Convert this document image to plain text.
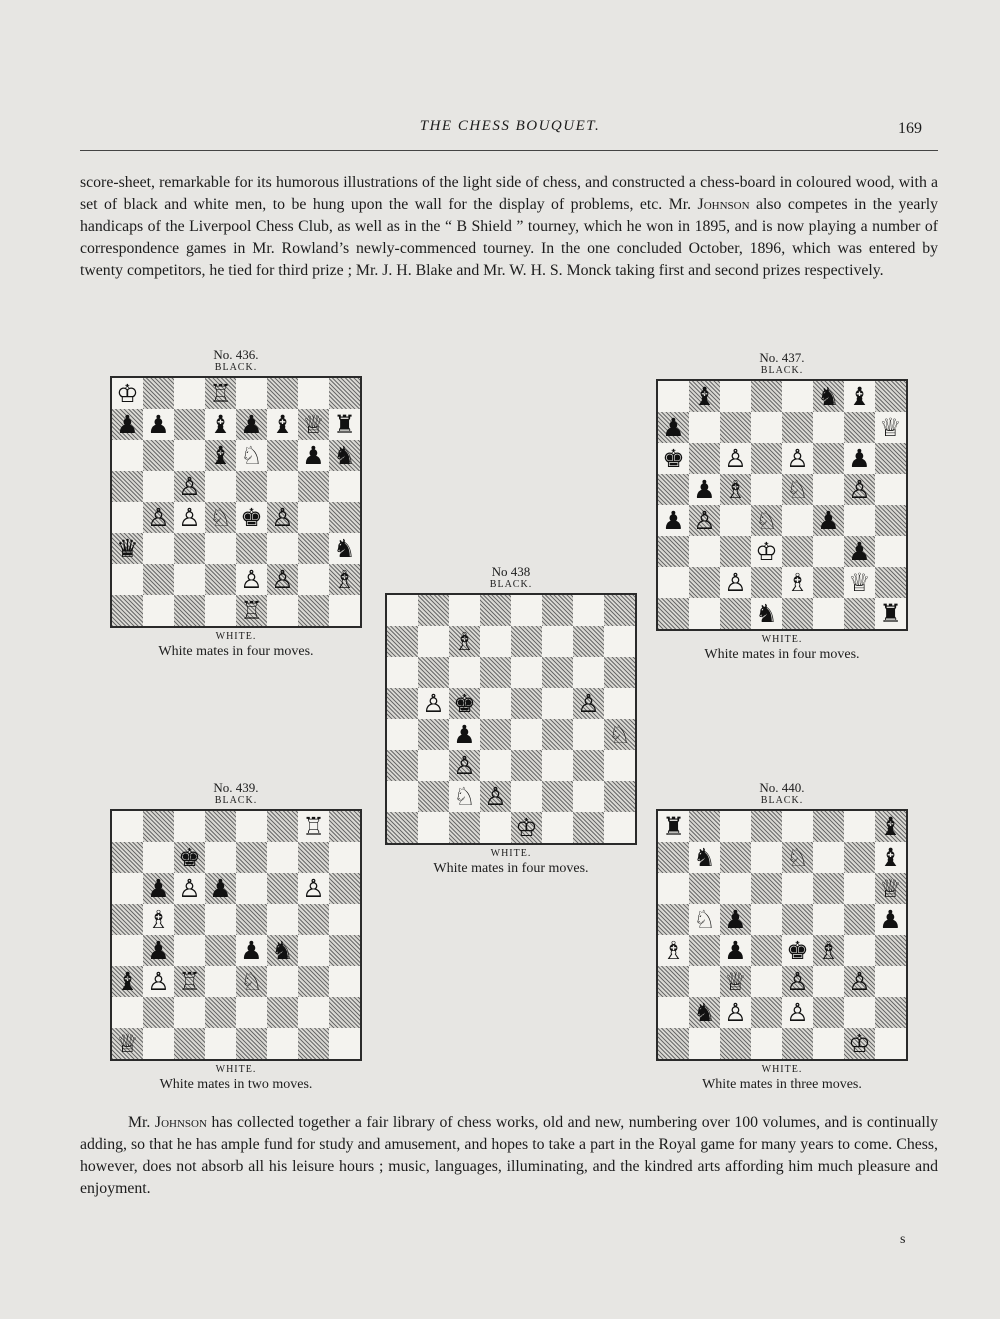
THE CHESS BOUQUET.	169

score-sheet, remarkable for its humorous illustrations of the light side of chess, and constructed a chess-board in coloured wood, with a set of black and white men, to be hung upon the wall for the display of problems, etc. Mr. Johnson also competes in the yearly handicaps of the Liverpool Chess Club, as well as in the “ B Shield ” tourney, which he won in 1895, and is now playing a number of correspondence games in Mr. Rowland’s newly-commenced tourney. In the one concluded October, 1896, which was entered by twenty competitors, he tied for third prize ; Mr. J. H. Blake and Mr. W. H. S. Monck taking first and second prizes respectively.

No. 436.
BLACK.
♔	♖
♟ ♟ ♝ ♟ ♝ ♕ ♜
♝ ♘ ♟ ♞
♙
♙ ♙ ♘ ♚ ♙
♛	♞
♙ ♙ ♗
♖
WHITE.
White mates in four moves.
No. 437.
BLACK.
♝	♞ ♝
♟	♕
♚ ♙ ♙ ♟
♟ ♗ ♘ ♙
♟ ♙ ♘ ♟
♔	♟
♙ ♗ ♕
♞	♜
WHITE.
White mates in four moves.
No 438
BLACK.
♗
♙ ♚	♙
♟	♘
♙
♘ ♙
♔
WHITE.
White mates in four moves.
No. 439.
BLACK.
♖
♚
♟ ♙ ♟	♙
♗
♟	♟ ♞
♝ ♙ ♖ ♘
♕
WHITE.
White mates in two moves.
No. 440.
BLACK.
♜	♝
♞	♘	♝
♕
♘ ♟	♟
♗ ♟ ♚ ♗
♕ ♙ ♙
♞ ♙ ♙
♔
WHITE.
White mates in three moves.

Mr. Johnson has collected together a fair library of chess works, old and new, numbering over 100 volumes, and is continually adding, so that he has ample fund for study and amusement, and hopes to take a part in the Royal game for many years to come. Chess, however, does not absorb all his leisure hours ; music, languages, illuminating, and the kindred arts affording him much pleasure and enjoyment.

s
